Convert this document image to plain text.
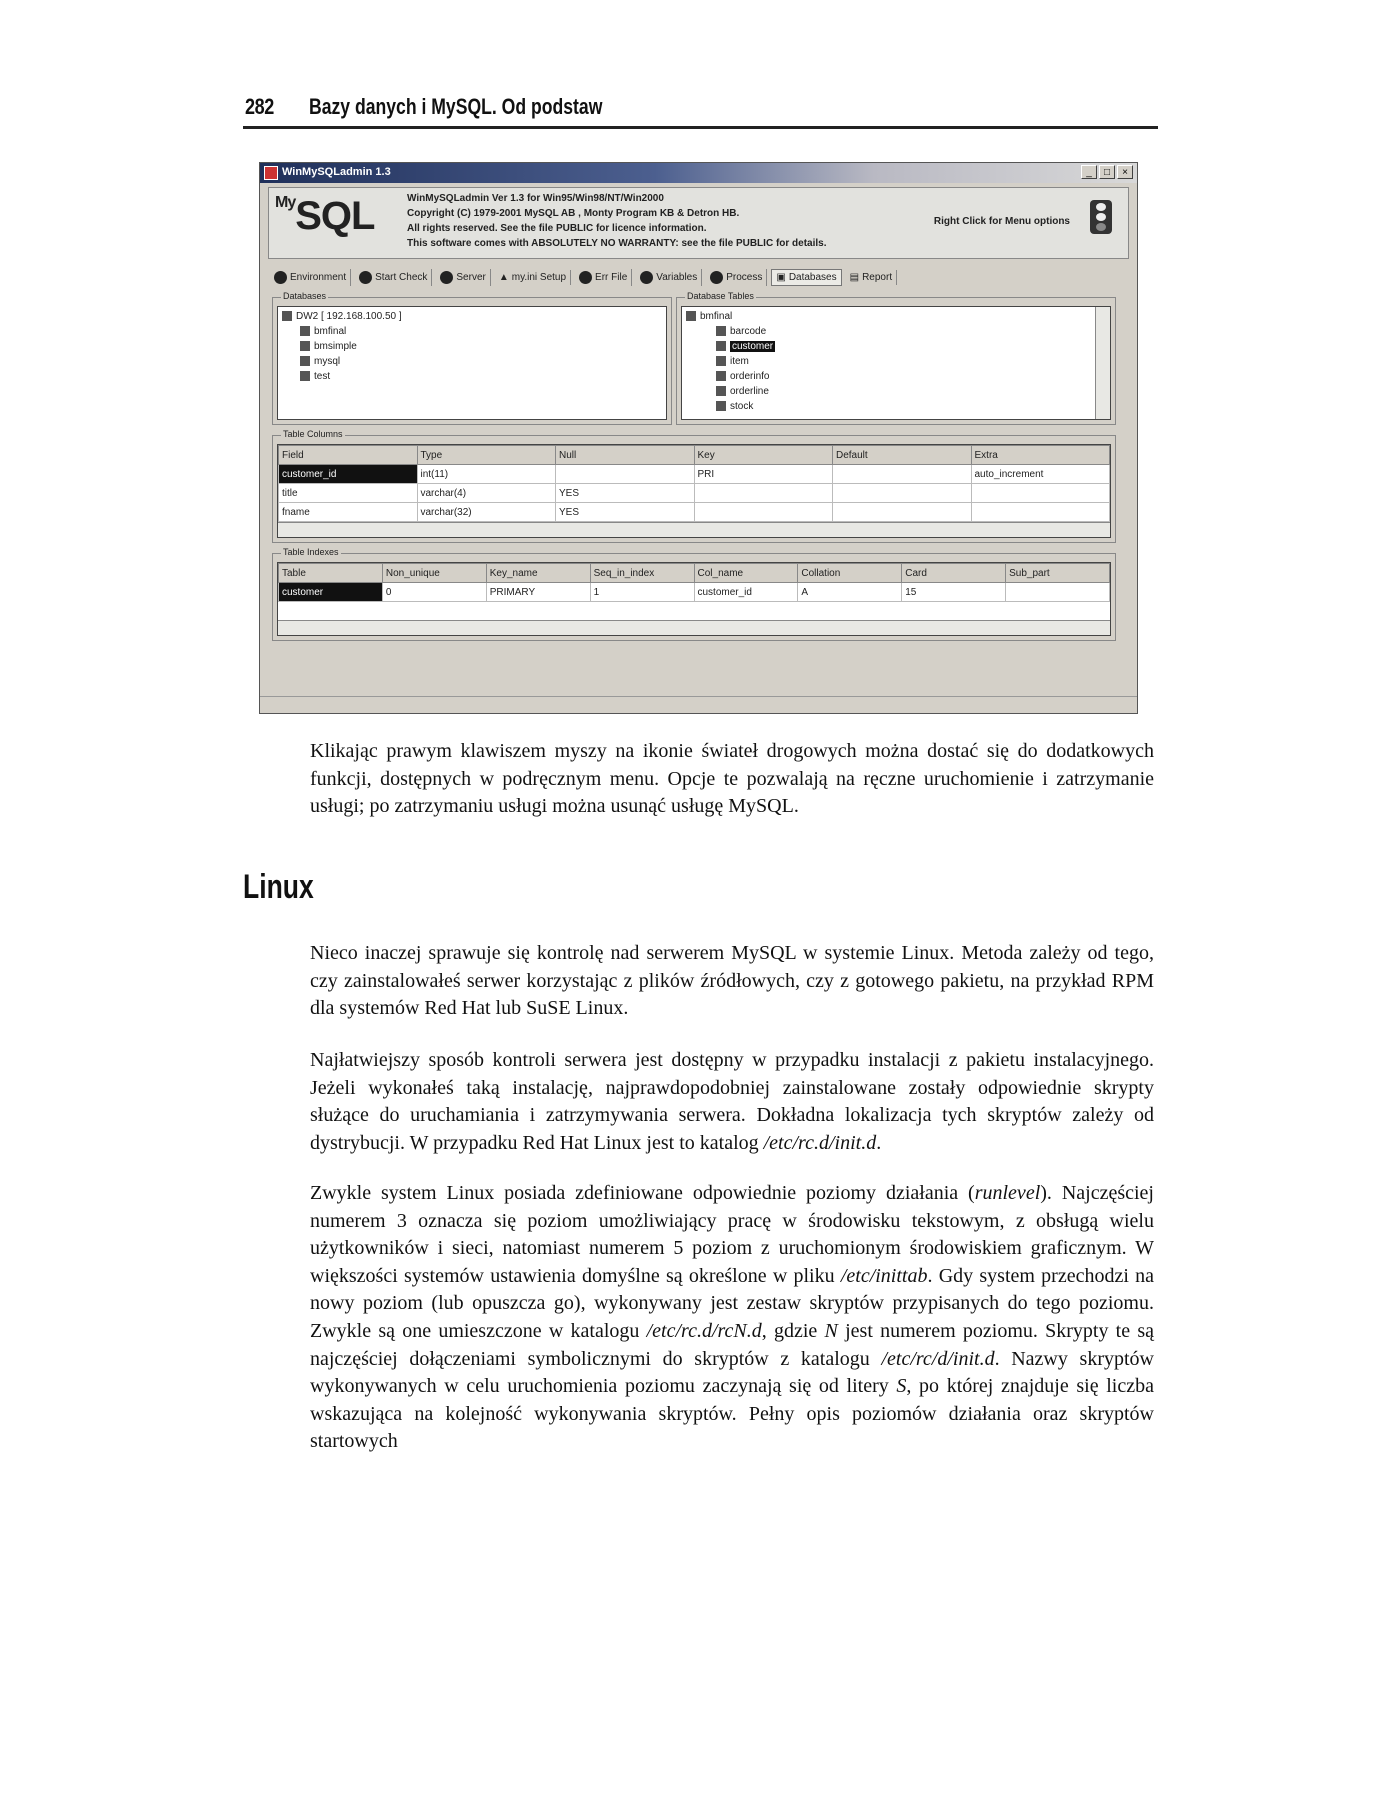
282 Bazy danych i MySQL. Od podstaw
WinMySQLadmin 1.3	_	□	×
$^{My}$SQL	WinMySQLadmin Ver 1.3 for Win95/Win98/NT/Win2000
Copyright (C) 1979-2001 MySQL AB , Monty Program KB & Detron HB.
All rights reserved. See the file PUBLIC for licence information.
This software comes with ABSOLUTELY NO WARRANTY: see the file PUBLIC for details.
Right Click for Menu options
Environment	Start Check	Server ▲ my.ini Setup	Err File	Variables	Process ▣ Databases ▤ Report
Databases
DW2 [ 192.168.100.50 ]
bmfinal
bmsimple
mysql
test
Database Tables
bmfinal
barcode
customer
item
orderinfo
orderline
stock
Table Columns
Field	Type	Null	Key	Default	Extra
customer_id	int(11)		PRI		auto_increment
title	varchar(4)	YES			
fname	varchar(32)	YES			

Table Indexes
Table	Non_unique	Key_name	Seq_in_index	Col_name	Collation	Card	Sub_part
customer	0	PRIMARY	1	customer_id	A	15	

Klikając prawym klawiszem myszy na ikonie świateł drogowych można dostać się do dodatkowych funkcji, dostępnych w podręcznym menu. Opcje te pozwalają na ręczne uruchomienie i zatrzymanie usługi; po zatrzymaniu usługi można usunąć usługę MySQL.

Linux

Nieco inaczej sprawuje się kontrolę nad serwerem MySQL w systemie Linux. Metoda zależy od tego, czy zainstalowałeś serwer korzystając z plików źródłowych, czy z gotowego pakietu, na przykład RPM dla systemów Red Hat lub SuSE Linux.

Najłatwiejszy sposób kontroli serwera jest dostępny w przypadku instalacji z pakietu instalacyjnego. Jeżeli wykonałeś taką instalację, najprawdopodobniej zainstalowane zostały odpowiednie skrypty służące do uruchamiania i zatrzymywania serwera. Dokładna lokalizacja tych skryptów zależy od dystrybucji. W przypadku Red Hat Linux jest to katalog /etc/rc.d/init.d.

Zwykle system Linux posiada zdefiniowane odpowiednie poziomy działania (runlevel). Najczęściej numerem 3 oznacza się poziom umożliwiający pracę w środowisku tekstowym, z obsługą wielu użytkowników i sieci, natomiast numerem 5 poziom z uruchomionym środowiskiem graficznym. W większości systemów ustawienia domyślne są określone w pliku /etc/inittab. Gdy system przechodzi na nowy poziom (lub opuszcza go), wykonywany jest zestaw skryptów przypisanych do tego poziomu. Zwykle są one umieszczone w katalogu /etc/rc.d/rcN.d, gdzie N jest numerem poziomu. Skrypty te są najczęściej dołączeniami symbolicznymi do skryptów z katalogu /etc/rc/d/init.d. Nazwy skryptów wykonywanych w celu uruchomienia poziomu zaczynają się od litery S, po której znajduje się liczba wskazująca na kolejność wykonywania skryptów. Pełny opis poziomów działania oraz skryptów startowych
